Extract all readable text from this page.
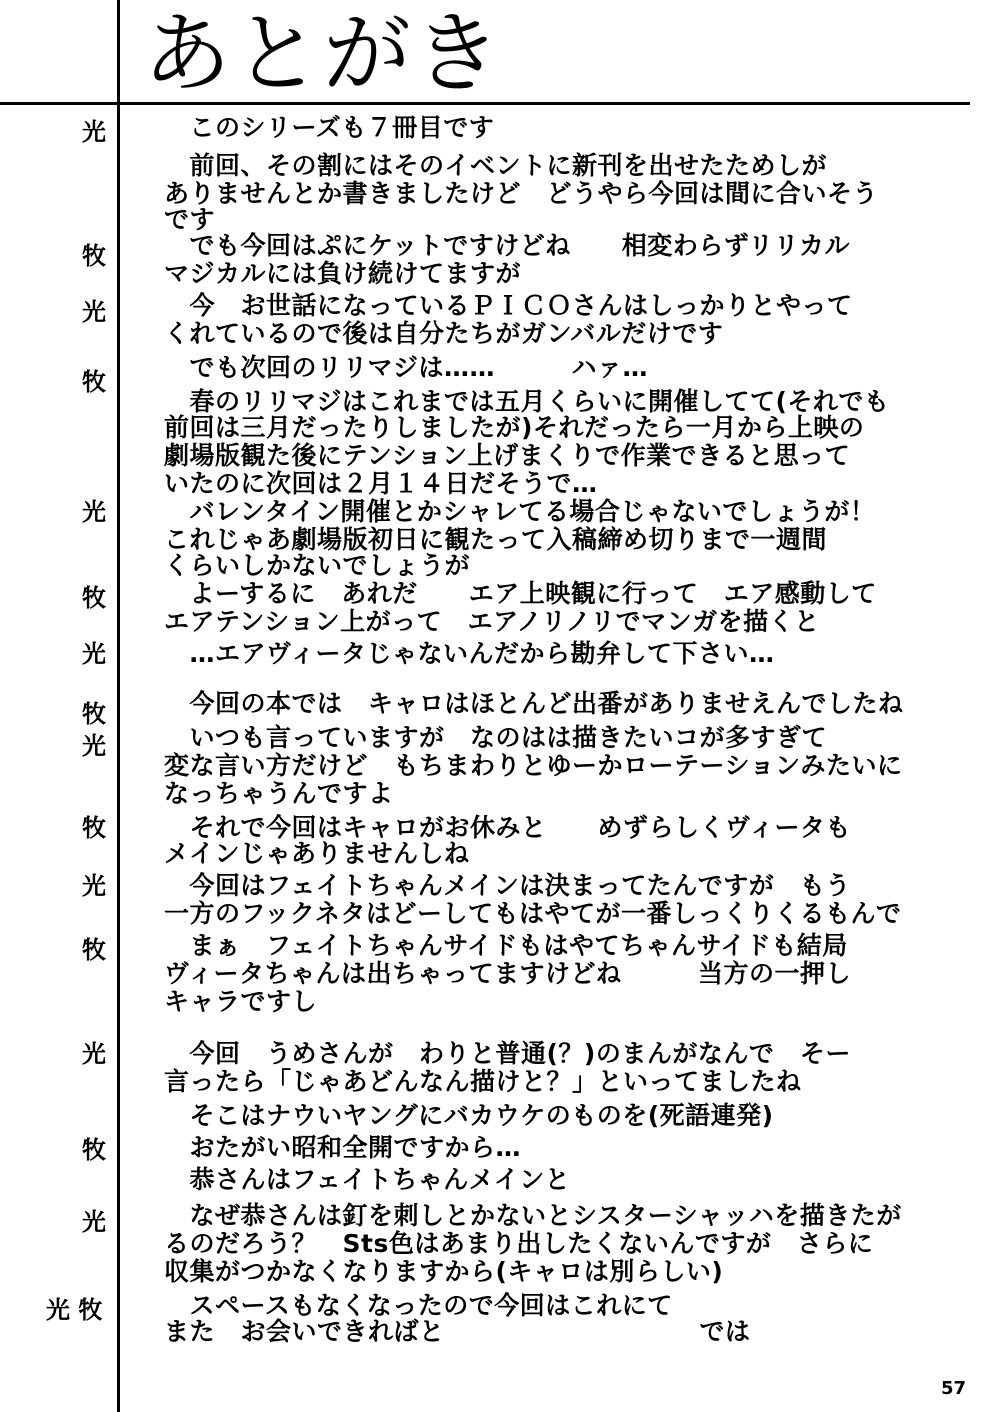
あとがき
光
牧
光
牧
光
牧
光
牧
光
牧
光
牧
光
牧
光
光 牧
　このシリーズも７冊目です
　前回、その割にはそのイベントに新刊を出せたためしが
ありませんとか書きましたけど　どうやら今回は間に合いそう
です
　でも今回はぷにケットですけどね　　相変わらずリリカル
マジカルには負け続けてますが
　今　お世話になっているＰＩＣＯさんはしっかりとやって
くれているので後は自分たちがガンバルだけです
　でも次回のリリマジは……　　　ハァ…
　春のリリマジはこれまでは五月くらいに開催してて(それでも
前回は三月だったりしましたが)それだったら一月から上映の
劇場版観た後にテンション上げまくりで作業できると思って
いたのに次回は２月１４日だそうで…
　バレンタイン開催とかシャレてる場合じゃないでしょうが！
これじゃあ劇場版初日に観たって入稿締め切りまで一週間
くらいしかないでしょうが
　よーするに　あれだ　　エア上映観に行って　エア感動して
エアテンション上がって　エアノリノリでマンガを描くと
　…エアヴィータじゃないんだから勘弁して下さい…
　今回の本では　キャロはほとんど出番がありませえんでしたね
　いつも言っていますが　なのはは描きたいコが多すぎて
変な言い方だけど　もちまわりとゆーかローテーションみたいに
なっちゃうんですよ
　それで今回はキャロがお休みと　　めずらしくヴィータも
メインじゃありませんしね
　今回はフェイトちゃんメインは決まってたんですが　もう
一方のフックネタはどーしてもはやてが一番しっくりくるもんで
　まぁ　フェイトちゃんサイドもはやてちゃんサイドも結局
ヴィータちゃんは出ちゃってますけどね　　　当方の一押し
キャラですし
　今回　うめさんが　わりと普通(？)のまんがなんで　そー
言ったら「じゃあどんなん描けと？」といってましたね
　そこはナウいヤングにバカウケのものを(死語連発)
　おたがい昭和全開ですから…
　恭さんはフェイトちゃんメインと
　なぜ恭さんは釘を刺しとかないとシスターシャッハを描きたが
るのだろう？　Sts色はあまり出したくないんですが　さらに
収集がつかなくなりますから(キャロは別らしい)
　スペースもなくなったので今回はこれにて
また　お会いできればと　　　　　　　　　　では
57
